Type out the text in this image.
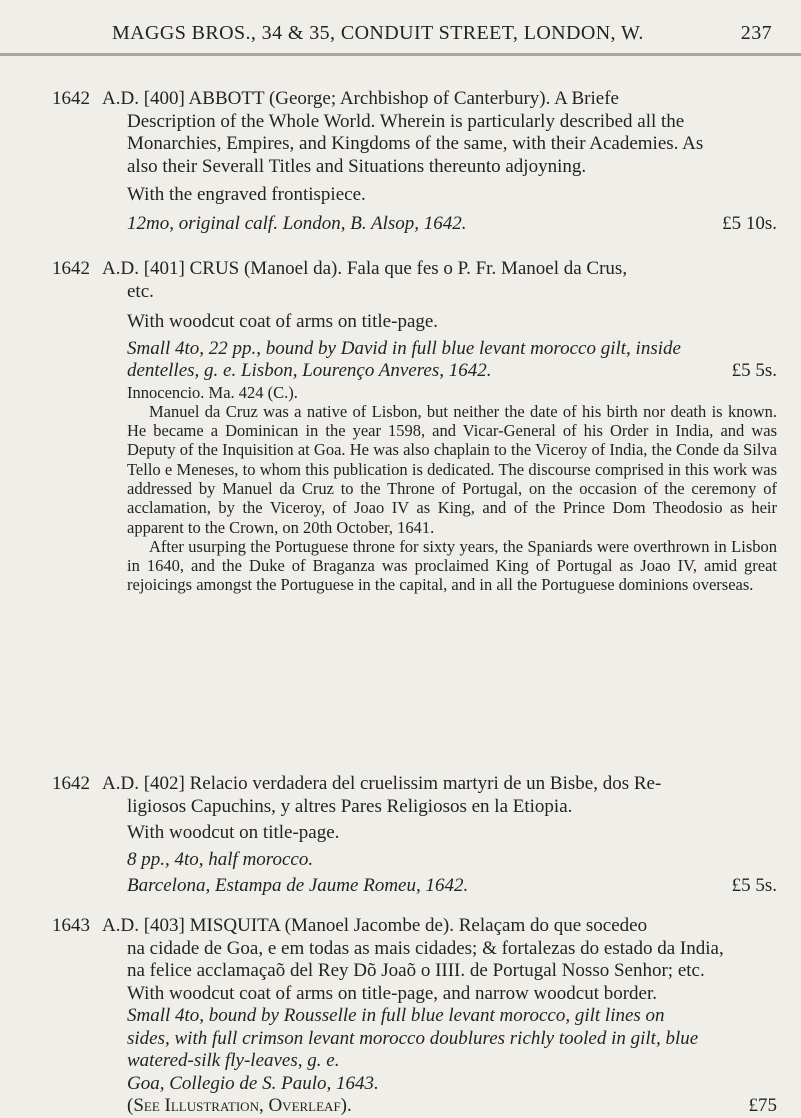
MAGGS BROS., 34 & 35, CONDUIT STREET, LONDON, W.	237
1642 A.D. [400] ABBOTT (George; Archbishop of Canterbury). A Briefe
Description of the Whole World. Wherein is particularly described all the
Monarchies, Empires, and Kingdoms of the same, with their Academies. As
also their Severall Titles and Situations thereunto adjoyning.
With the engraved frontispiece.
12mo, original calf. London, B. Alsop, 1642.	£5 10s.
1642 A.D. [401] CRUS (Manoel da). Fala que fes o P. Fr. Manoel da Crus,
etc.
With woodcut coat of arms on title-page.
Small 4to, 22 pp., bound by David in full blue levant morocco gilt, inside
dentelles, g. e. Lisbon, Lourenço Anveres, 1642.	£5 5s.
Innocencio. Ma. 424 (C.).
Manuel da Cruz was a native of Lisbon, but neither the date of his birth nor death is known. He became a Dominican in the year 1598, and Vicar-General of his Order in India, and was Deputy of the Inquisition at Goa. He was also chaplain to the Viceroy of India, the Conde da Silva Tello e Meneses, to whom this publication is dedicated. The discourse comprised in this work was addressed by Manuel da Cruz to the Throne of Portugal, on the occasion of the ceremony of acclamation, by the Viceroy, of Joao IV as King, and of the Prince Dom Theodosio as heir apparent to the Crown, on 20th October, 1641.
After usurping the Portuguese throne for sixty years, the Spaniards were overthrown in Lisbon in 1640, and the Duke of Braganza was proclaimed King of Portugal as Joao IV, amid great rejoicings amongst the Portuguese in the capital, and in all the Portuguese dominions overseas.
1642 A.D. [402] Relacio verdadera del cruelissim martyri de un Bisbe, dos Re-
ligiosos Capuchins, y altres Pares Religiosos en la Etiopia.
With woodcut on title-page.
8 pp., 4to, half morocco.
Barcelona, Estampa de Jaume Romeu, 1642.	£5 5s.
1643 A.D. [403] MISQUITA (Manoel Jacombe de). Relaçam do que socedeo
na cidade de Goa, e em todas as mais cidades; & fortalezas do estado da India,
na felice acclamaçaõ del Rey Dõ Joaõ o IIII. de Portugal Nosso Senhor; etc.
With woodcut coat of arms on title-page, and narrow woodcut border.
Small 4to, bound by Rousselle in full blue levant morocco, gilt lines on
sides, with full crimson levant morocco doublures richly tooled in gilt, blue
watered-silk fly-leaves, g. e.
Goa, Collegio de S. Paulo, 1643.
(See Illustration, Overleaf).	£75
